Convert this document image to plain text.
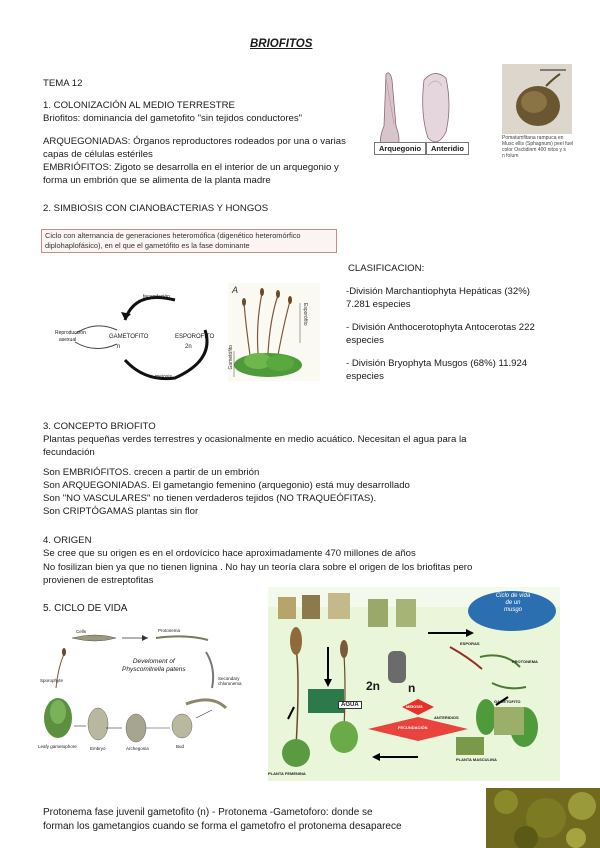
BRIOFITOS
TEMA 12
1. COLONIZACIÓN AL MEDIO TERRESTRE
Briofitos: dominancia del gametofito "sin tejidos conductores"
ARQUEGONIADAS: Órganos reproductores rodeados por una o varias
capas de células estériles
EMBRIÓFITOS: Zigoto se desarrolla en el interior de un arquegonio y
forma un embrión que se alimenta de la planta madre
Arquegonio	Anteridio
Pomatumfitana rampuca en
Musc ellis (Sphagnum) peel fuel
color Osctidinm 400 nitos y s
n folum
2. SIMBIOSIS CON CIANOBACTERIAS Y HONGOS
Ciclo con alternancia de generaciones heteromófica (digenético heteromórfico
diplohaplofásico), en el que el gametófito es la fase dominante
GAMETOFITO	ESPOROFITO
n	2n
Reproducción
asexual
fecundación
meiosis
A
Esporófito
Gametófito
CLASIFICACION:
-División Marchantiophyta Hepáticas (32%)
7.281 especies
- División Anthocerotophyta Antocerotas 222
especies
- División Bryophyta Musgos (68%) 11.924
especies
3. CONCEPTO BRIOFITO
Plantas pequeñas verdes terrestres y ocasionalmente en medio acuático. Necesitan el agua para la
fecundación
Son EMBRIÓFITOS. crecen a partir de un embrión
Son ARQUEGONIADAS. El gametangio femenino (arquegonio) está muy desarrollado
Son "NO VASCULARES" no tienen verdaderos tejidos (NO TRAQUEÓFITAS).
Son CRIPTÓGAMAS plantas sin flor
4. ORIGEN
Se cree que su origen es en el ordovícico hace aproximadamente 470 millones de años
No fosilizan bien ya que no tienen lignina . No hay un teoría clara sobre el origen de los briofitas pero
provienen de estreptofitas
5. CICLO DE VIDA
Develoment of
Physcomitrella patens
Protonema
Cells
Sporophyte
Leafy gametophore	Embryo	Archegonia	Bud
Secondary chloronema
Ciclo de vida
de un
musgo
2n n
AGUA	MEIOSIS
FECUNDACIÓN
ESPORAS
PROTONEMA
ANTERIDIOS
GAMETOFITO
PLANTA FEMENINA
PLANTA MASCULINA
Protonema fase juvenil gametofito (n) - Protonema -Gametoforo: donde se
forman los gametangios cuando se forma el gametofro el protonema desaparece
